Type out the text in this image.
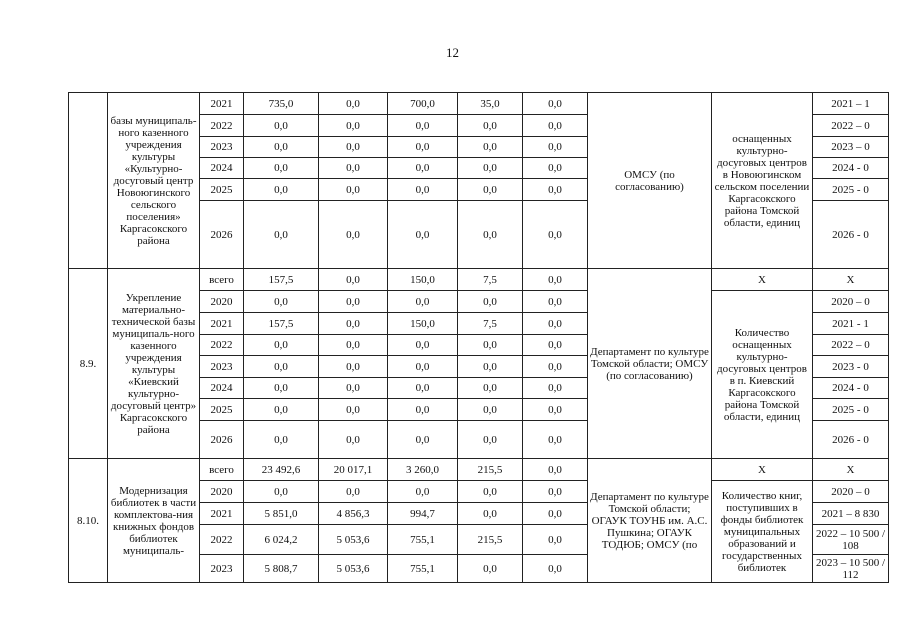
12
	базы муниципаль-ного казенного учреждения культуры «Культурно-досуговый центр Новоюгинского сельского поселения» Каргасокского района	2021	735,0	0,0	700,0	35,0	0,0	ОМСУ (по согласованию)	оснащенных культурно-досуговых центров в Новоюгинском сельском поселении Каргасокского района Томской области, единиц	2021 – 1
		2022	0,0	0,0	0,0	0,0	0,0			2022 – 0
		2023	0,0	0,0	0,0	0,0	0,0			2023 – 0
		2024	0,0	0,0	0,0	0,0	0,0			2024 - 0
		2025	0,0	0,0	0,0	0,0	0,0			2025 - 0
		2026	0,0	0,0	0,0	0,0	0,0			2026 - 0
8.9.	Укрепление материально-технической базы муниципаль-ного казенного учреждения культуры «Киевский культурно-досуговый центр» Каргасокского района	всего	157,5	0,0	150,0	7,5	0,0	Департамент по культуре Томской области; ОМСУ (по согласованию)	X	X
		2020	0,0	0,0	0,0	0,0	0,0		Количество оснащенных культурно-досуговых центров в п. Киевский Каргасокского района Томской области, единиц	2020 – 0
		2021	157,5	0,0	150,0	7,5	0,0			2021 - 1
		2022	0,0	0,0	0,0	0,0	0,0			2022 – 0
		2023	0,0	0,0	0,0	0,0	0,0			2023 - 0
		2024	0,0	0,0	0,0	0,0	0,0			2024 - 0
		2025	0,0	0,0	0,0	0,0	0,0			2025 - 0
		2026	0,0	0,0	0,0	0,0	0,0			2026 - 0
8.10.	Модернизация библиотек в части комплектова-ния книжных фондов библиотек муниципаль-	всего	23 492,6	20 017,1	3 260,0	215,5	0,0	Департамент по культуре Томской области; ОГАУК ТОУНБ им. А.С. Пушкина; ОГАУК ТОДЮБ; ОМСУ (по	X	X
		2020	0,0	0,0	0,0	0,0	0,0		Количество книг, поступивших в фонды библиотек муниципальных образований и государственных библиотек	2020 – 0
		2021	5 851,0	4 856,3	994,7	0,0	0,0			2021 – 8 830
		2022	6 024,2	5 053,6	755,1	215,5	0,0			2022 – 10 500 / 108
		2023	5 808,7	5 053,6	755,1	0,0	0,0			2023 – 10 500 / 112
